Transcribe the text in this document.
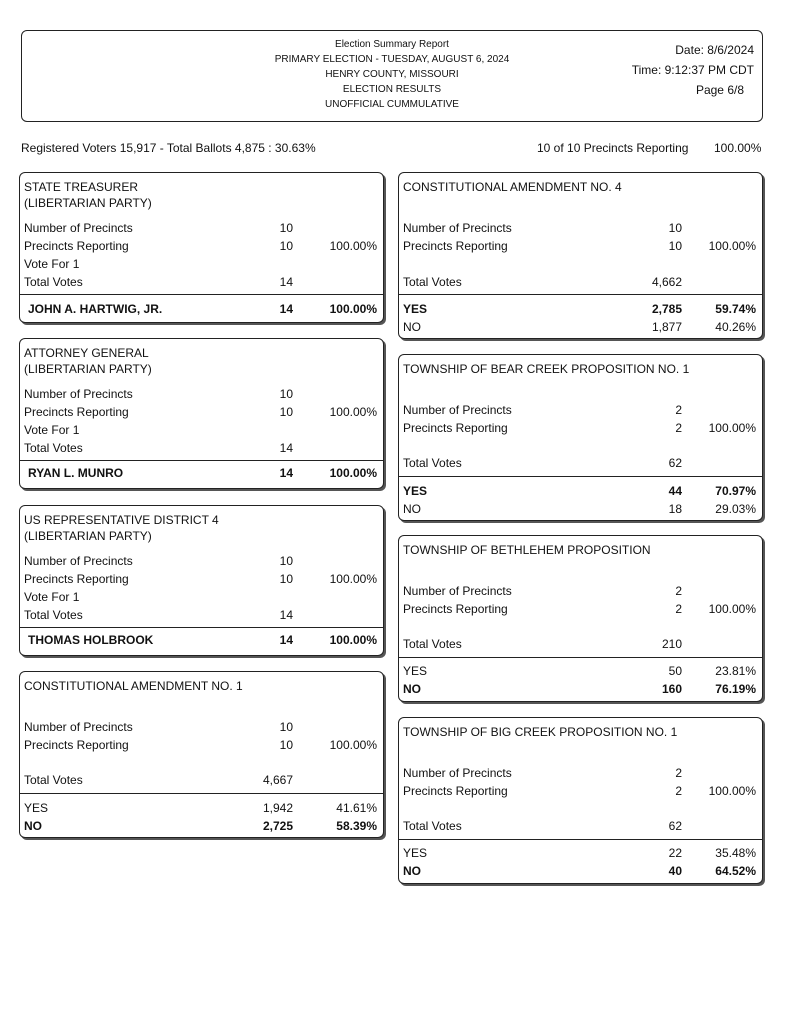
Election Summary Report
PRIMARY ELECTION - TUESDAY, AUGUST 6, 2024
HENRY COUNTY, MISSOURI
ELECTION RESULTS
UNOFFICIAL CUMMULATIVE
Date: 8/6/2024
Time: 9:12:37 PM CDT
Page 6/8
Registered Voters 15,917 - Total Ballots 4,875 : 30.63%	10 of 10 Precincts Reporting 100.00%
STATE TREASURER
(LIBERTARIAN PARTY)
Number of Precincts	10
Precincts Reporting	10	100.00%
Vote For 1
Total Votes	14
JOHN A. HARTWIG, JR.	14	100.00%
ATTORNEY GENERAL
(LIBERTARIAN PARTY)
Number of Precincts	10
Precincts Reporting	10	100.00%
Vote For 1
Total Votes	14
RYAN L. MUNRO	14	100.00%
US REPRESENTATIVE DISTRICT 4
(LIBERTARIAN PARTY)
Number of Precincts	10
Precincts Reporting	10	100.00%
Vote For 1
Total Votes	14
THOMAS HOLBROOK	14	100.00%
CONSTITUTIONAL AMENDMENT NO. 1
Number of Precincts	10
Precincts Reporting	10	100.00%
Total Votes	4,667
YES	1,942	41.61%
NO	2,725	58.39%
CONSTITUTIONAL AMENDMENT NO. 4
Number of Precincts	10
Precincts Reporting	10 100.00%
Total Votes	4,662
YES	2,785	59.74%
NO	1,877	40.26%
TOWNSHIP OF BEAR CREEK PROPOSITION NO. 1
Number of Precincts	2
Precincts Reporting	2 100.00%
Total Votes	62
YES	44	70.97%
NO	18	29.03%
TOWNSHIP OF BETHLEHEM PROPOSITION
Number of Precincts	2
Precincts Reporting	2 100.00%
Total Votes	210
YES	50	23.81%
NO	160	76.19%
TOWNSHIP OF BIG CREEK PROPOSITION NO. 1
Number of Precincts	2
Precincts Reporting	2 100.00%
Total Votes	62
YES	22	35.48%
NO	40	64.52%
